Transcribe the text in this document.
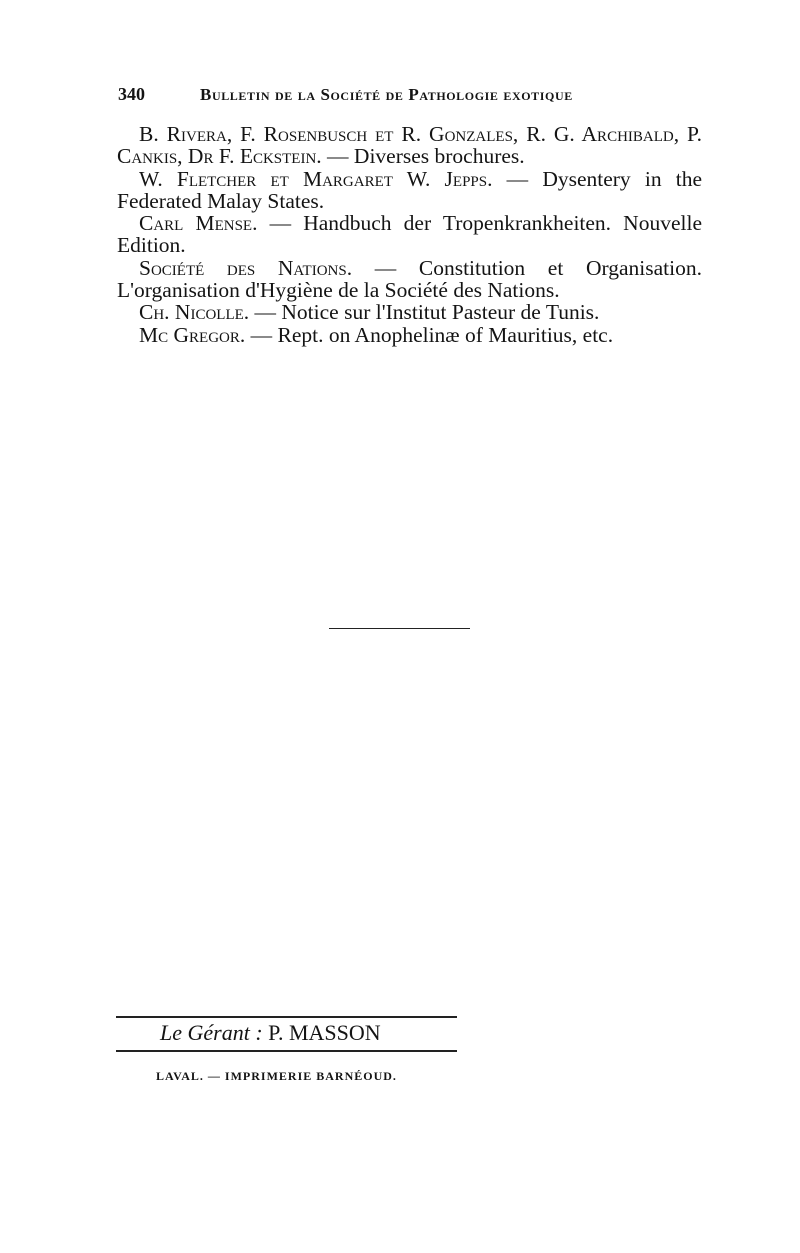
340	Bulletin de la Société de Pathologie exotique
B. Rivera, F. Rosenbusch et R. Gonzales, R. G. Archibald, P. Cankis, Dr F. Eckstein. — Diverses brochures.
W. Fletcher et Margaret W. Jepps. — Dysentery in the Federated Malay States.
Carl Mense. — Handbuch der Tropenkrankheiten. Nouvelle Edition.
Société des Nations. — Constitution et Organisation. L'organisation d'Hygiène de la Société des Nations.
Ch. Nicolle. — Notice sur l'Institut Pasteur de Tunis.
Mc Gregor. — Rept. on Anophelinæ of Mauritius, etc.
Le Gérant : P. MASSON
LAVAL. — IMPRIMERIE BARNÉOUD.
